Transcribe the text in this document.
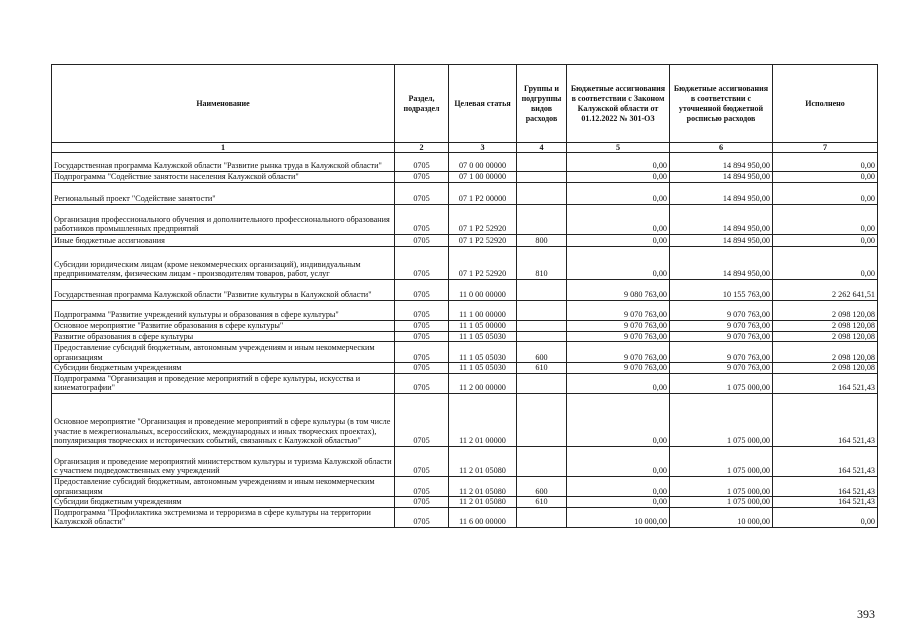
Наименование	Раздел, подраздел	Целевая статья	Группы и подгруппы видов расходов	Бюджетные ассигнования в соответствии с Законом Калужской области от 01.12.2022 № 301-ОЗ	Бюджетные ассигнования в соответствии с уточненной бюджетной росписью расходов	Исполнено
1	2	3	4	5	6	7
Государственная программа Калужской области "Развитие рынка труда в Калужской области"	0705	07 0 00 00000		0,00	14 894 950,00	0,00
Подпрограмма "Содействие занятости населения Калужской области"	0705	07 1 00 00000		0,00	14 894 950,00	0,00
Региональный проект "Содействие занятости"	0705	07 1 P2 00000		0,00	14 894 950,00	0,00
Организация профессионального обучения и дополнительного профессионального образования работников промышленных предприятий	0705	07 1 P2 52920		0,00	14 894 950,00	0,00
Иные бюджетные ассигнования	0705	07 1 P2 52920	800	0,00	14 894 950,00	0,00
Субсидии юридическим лицам (кроме некоммерческих организаций), индивидуальным предпринимателям, физическим лицам - производителям товаров, работ, услуг	0705	07 1 P2 52920	810	0,00	14 894 950,00	0,00
Государственная программа Калужской области "Развитие культуры в Калужской области"	0705	11 0 00 00000		9 080 763,00	10 155 763,00	2 262 641,51
Подпрограмма "Развитие учреждений культуры и образования в сфере культуры"	0705	11 1 00 00000		9 070 763,00	9 070 763,00	2 098 120,08
Основное мероприятие "Развитие образования в сфере культуры"	0705	11 1 05 00000		9 070 763,00	9 070 763,00	2 098 120,08
Развитие образования в сфере культуры	0705	11 1 05 05030		9 070 763,00	9 070 763,00	2 098 120,08
Предоставление субсидий бюджетным, автономным учреждениям и иным некоммерческим организациям	0705	11 1 05 05030	600	9 070 763,00	9 070 763,00	2 098 120,08
Субсидии бюджетным учреждениям	0705	11 1 05 05030	610	9 070 763,00	9 070 763,00	2 098 120,08
Подпрограмма "Организация и проведение мероприятий в сфере культуры, искусства и кинематографии"	0705	11 2 00 00000		0,00	1 075 000,00	164 521,43
Основное мероприятие "Организация и проведение мероприятий в сфере культуры (в том числе участие в межрегиональных, всероссийских, международных и иных творческих проектах), популяризация творческих и исторических событий, связанных с Калужской областью"	0705	11 2 01 00000		0,00	1 075 000,00	164 521,43
Организация и проведение мероприятий министерством культуры и туризма Калужской области с участием подведомственных ему учреждений	0705	11 2 01 05080		0,00	1 075 000,00	164 521,43
Предоставление субсидий бюджетным, автономным учреждениям и иным некоммерческим организациям	0705	11 2 01 05080	600	0,00	1 075 000,00	164 521,43
Субсидии бюджетным учреждениям	0705	11 2 01 05080	610	0,00	1 075 000,00	164 521,43
Подпрограмма "Профилактика экстремизма и терроризма в сфере культуры на территории Калужской области"	0705	11 6 00 00000		10 000,00	10 000,00	0,00
393
